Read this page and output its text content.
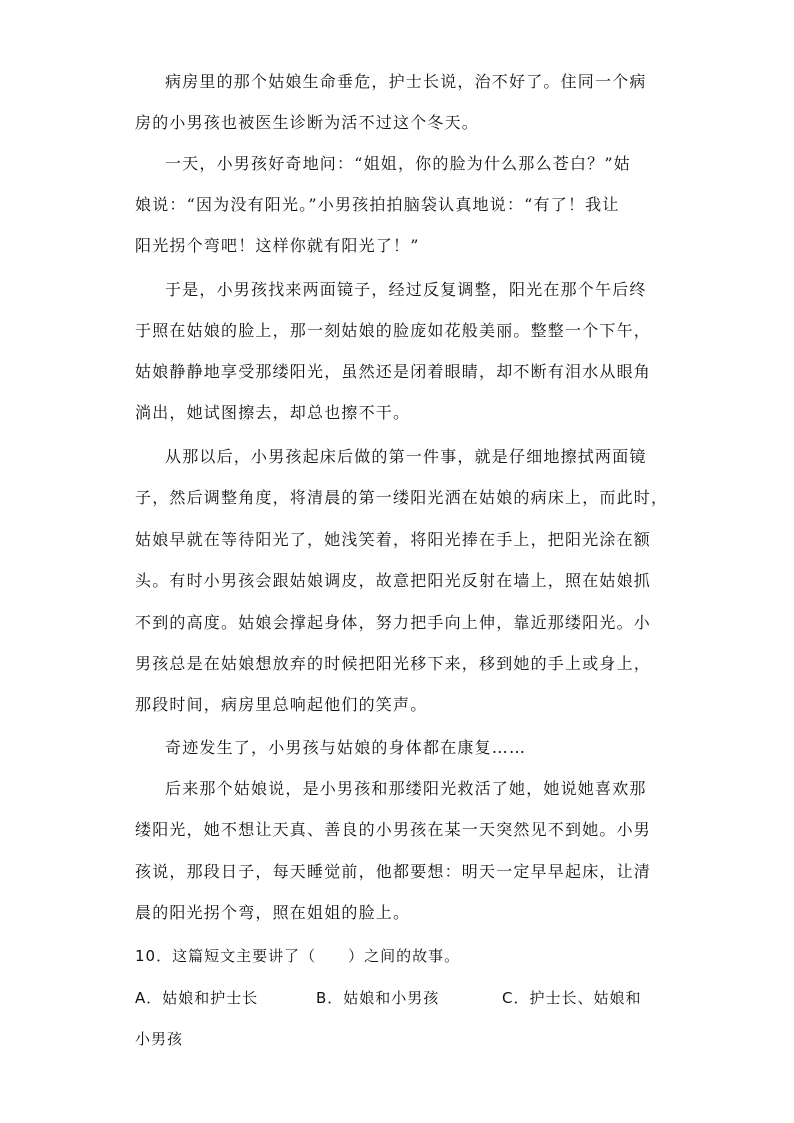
病房里的那个姑娘生命垂危，护士长说，治不好了。住同一个病
房的小男孩也被医生诊断为活不过这个冬天。
一天，小男孩好奇地问：“姐姐，你的脸为什么那么苍白？”姑
娘说：“因为没有阳光。”小男孩拍拍脑袋认真地说：“有了！我让
阳光拐个弯吧！这样你就有阳光了！”
于是，小男孩找来两面镜子，经过反复调整，阳光在那个午后终
于照在姑娘的脸上，那一刻姑娘的脸庞如花般美丽。整整一个下午，
姑娘静静地享受那缕阳光，虽然还是闭着眼睛，却不断有泪水从眼角
淌出，她试图擦去，却总也擦不干。
从那以后，小男孩起床后做的第一件事，就是仔细地擦拭两面镜
子，然后调整角度，将清晨的第一缕阳光洒在姑娘的病床上，而此时，
姑娘早就在等待阳光了，她浅笑着，将阳光捧在手上，把阳光涂在额
头。有时小男孩会跟姑娘调皮，故意把阳光反射在墙上，照在姑娘抓
不到的高度。姑娘会撑起身体，努力把手向上伸，靠近那缕阳光。小
男孩总是在姑娘想放弃的时候把阳光移下来，移到她的手上或身上，
那段时间，病房里总响起他们的笑声。
奇迹发生了，小男孩与姑娘的身体都在康复……
后来那个姑娘说，是小男孩和那缕阳光救活了她，她说她喜欢那
缕阳光，她不想让天真、善良的小男孩在某一天突然见不到她。小男
孩说，那段日子，每天睡觉前，他都要想：明天一定早早起床，让清
晨的阳光拐个弯，照在姐姐的脸上。
10．这篇短文主要讲了（　　）之间的故事。
A．姑娘和护士长	B．姑娘和小男孩	C．护士长、姑娘和
小男孩
